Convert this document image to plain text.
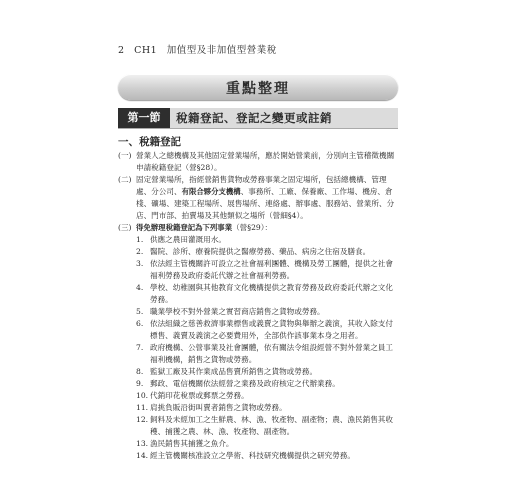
2 CH1 加值型及非加值型營業稅
重點整理
第一節	稅籍登記、登記之變更或註銷
一、稅籍登記
(一) 營業人之總機構及其他固定營業場所，應於開始營業前，分別向主管稽徵機關申請稅籍登記（營§28）。
(二) 固定營業場所，指經營銷售貨物或勞務事業之固定場所，包括總機構、管理處、分公司、有限合夥分支機構、事務所、工廠、保養廠、工作場、機房、倉棧、礦場、建築工程場所、展售場所、連絡處、辦事處、服務站、營業所、分店、門市部、拍賣場及其他類似之場所（營細§4）。
(三) 得免辦理稅籍登記為下列事業（營§29）：
1. 供應之農田灌溉用水。
2. 醫院、診所、療養院提供之醫療勞務、藥品、病房之住宿及膳食。
3. 依法經主管機關許可設立之社會福利團體、機構及勞工團體，提供之社會福利勞務及政府委託代辦之社會福利勞務。
4. 學校、幼稚園與其他教育文化機構提供之教育勞務及政府委託代辦之文化勞務。
5. 職業學校不對外營業之實習商店銷售之貨物或勞務。
6. 依法組織之慈善救濟事業標售或義賣之貨物與舉辦之義演，其收入除支付標售、義賣及義演之必要費用外，全部供作該事業本身之用者。
7. 政府機構、公營事業及社會團體，依有關法令組設經營不對外營業之員工福利機構，銷售之貨物或勞務。
8. 監獄工廠及其作業成品售賣所銷售之貨物或勞務。
9. 郵政、電信機關依法經營之業務及政府核定之代辦業務。
10. 代銷印花稅票或郵票之勞務。
11. 肩挑負販沿街叫賣者銷售之貨物或勞務。
12. 飼料及未經加工之生鮮農、林、漁、牧產物、副產物；農、漁民銷售其收穫、捕獲之農、林、漁、牧產物、副產物。
13. 漁民銷售其捕獲之魚介。
14. 經主管機關核准設立之學術、科技研究機構提供之研究勞務。
